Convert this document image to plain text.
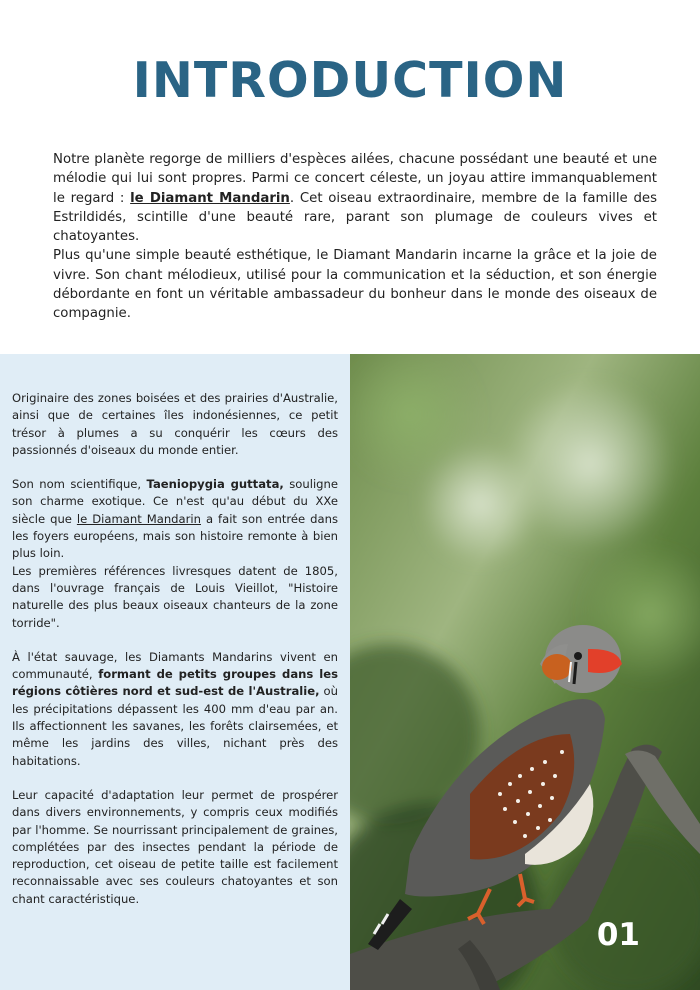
INTRODUCTION

Notre planète regorge de milliers d'espèces ailées, chacune possédant une beauté et une mélodie qui lui sont propres. Parmi ce concert céleste, un joyau attire immanquablement le regard : le Diamant Mandarin. Cet oiseau extraordinaire, membre de la famille des Estrildidés, scintille d'une beauté rare, parant son plumage de couleurs vives et chatoyantes.

Plus qu'une simple beauté esthétique, le Diamant Mandarin incarne la grâce et la joie de vivre. Son chant mélodieux, utilisé pour la communication et la séduction, et son énergie débordante en font un véritable ambassadeur du bonheur dans le monde des oiseaux de compagnie.

Originaire des zones boisées et des prairies d'Australie, ainsi que de certaines îles indonésiennes, ce petit trésor à plumes a su conquérir les cœurs des passionnés d'oiseaux du monde entier.

Son nom scientifique, Taeniopygia guttata, souligne son charme exotique. Ce n'est qu'au début du XXe siècle que le Diamant Mandarin a fait son entrée dans les foyers européens, mais son histoire remonte à bien plus loin.

Les premières références livresques datent de 1805, dans l'ouvrage français de Louis Vieillot, "Histoire naturelle des plus beaux oiseaux chanteurs de la zone torride".

À l'état sauvage, les Diamants Mandarins vivent en communauté, formant de petits groupes dans les régions côtières nord et sud-est de l'Australie, où les précipitations dépassent les 400 mm d'eau par an. Ils affectionnent les savanes, les forêts clairsemées, et même les jardins des villes, nichant près des habitations.

Leur capacité d'adaptation leur permet de prospérer dans divers environnements, y compris ceux modifiés par l'homme. Se nourrissant principalement de graines, complétées par des insectes pendant la période de reproduction, cet oiseau de petite taille est facilement reconnaissable avec ses couleurs chatoyantes et son chant caractéristique.

01
